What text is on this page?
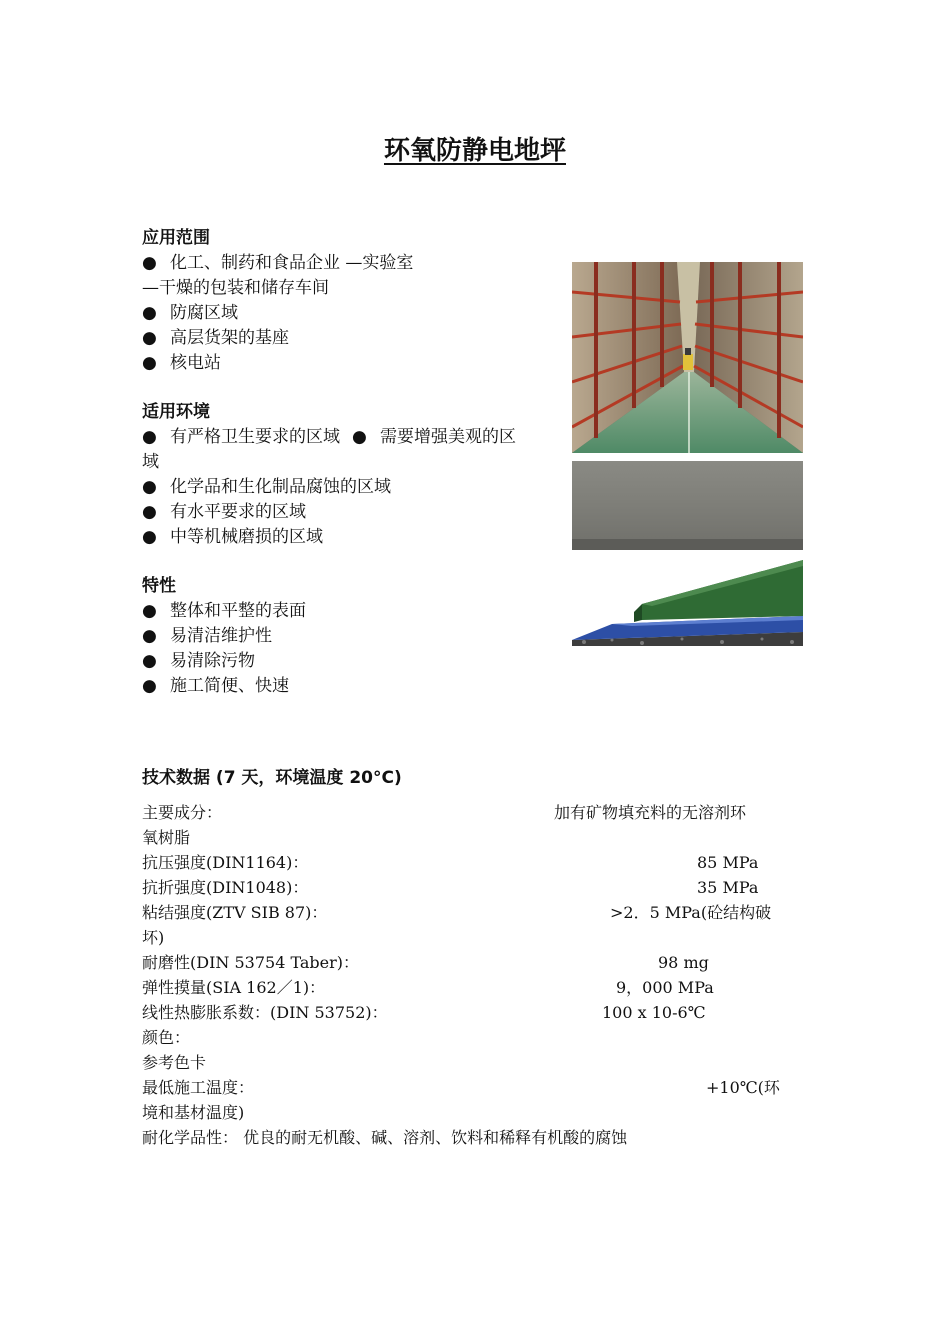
环氧防静电地坪
应用范围
● 化工、制药和食品企业 —实验室
—干燥的包装和储存车间
● 防腐区域
● 高层货架的基座
● 核电站
适用环境
● 有严格卫生要求的区域 ● 需要增强美观的区
域
● 化学品和生化制品腐蚀的区域
● 有水平要求的区域
● 中等机械磨损的区域
特性
● 整体和平整的表面
● 易清洁维护性
● 易清除污物
● 施工简便、快速
技术数据 (7 天，环境温度 20°C)
主要成分：	加有矿物填充料的无溶剂环
氧树脂
抗压强度(DIN1164)：	85 MPa
抗折强度(DIN1048)：	35 MPa
粘结强度(ZTV SIB 87)：	>2．5 MPa(砼结构破
坏)
耐磨性(DIN 53754 Taber)：	98 mg
弹性摸量(SIA 162／1)：	9，000 MPa
线性热膨胀系数：(DIN 53752)：	100 x 10-6℃
颜色：
参考色卡
最低施工温度：	+10℃(环
境和基材温度)
耐化学品性： 优良的耐无机酸、碱、溶剂、饮料和稀释有机酸的腐蚀
